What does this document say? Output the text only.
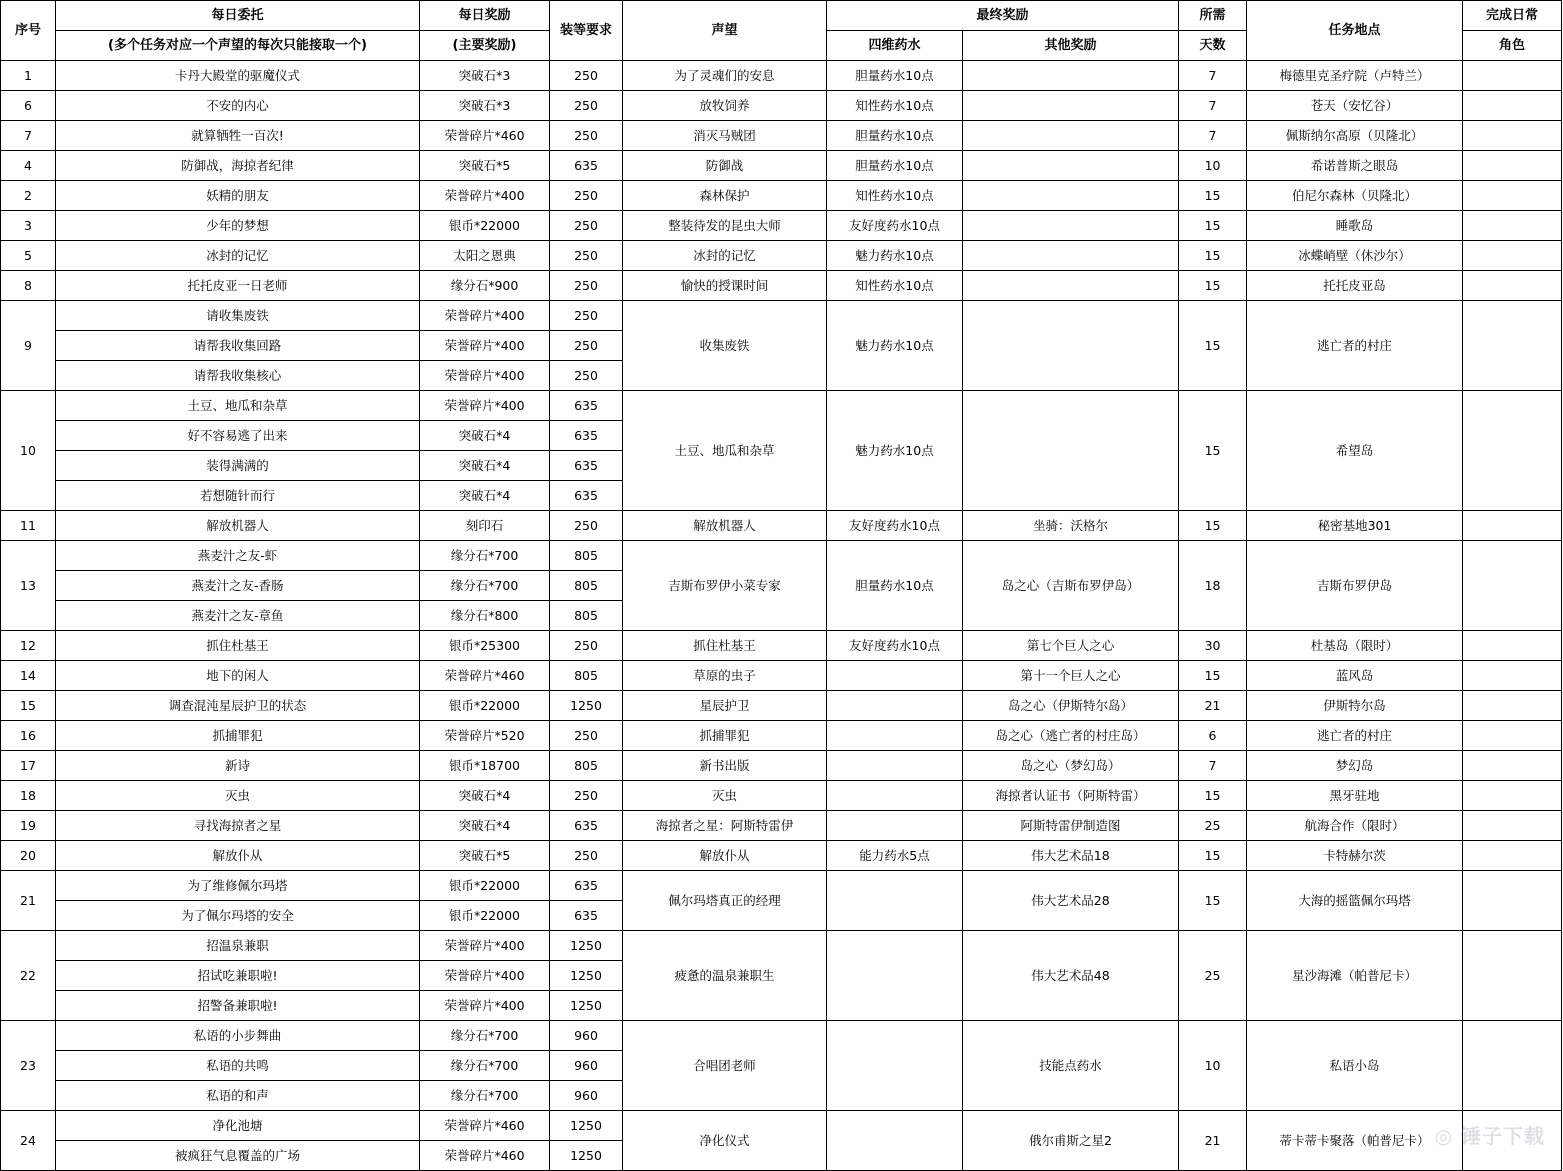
序号	每日委托	每日奖励	装等要求	声望	最终奖励		所需	任务地点	完成日常
	(多个任务对应一个声望的每次只能接取一个)	(主要奖励)			四维药水	其他奖励	天数		角色
1	卡丹大殿堂的驱魔仪式	突破石*3	250	为了灵魂们的安息	胆量药水10点		7	梅德里克圣疗院（卢特兰）	
6	不安的内心	突破石*3	250	放牧饲养	知性药水10点		7	苍天（安忆谷）	
7	就算牺牲一百次!	荣誉碎片*460	250	消灭马贼团	胆量药水10点		7	佩斯纳尔高原（贝隆北）	
4	防御战，海掠者纪律	突破石*5	635	防御战	胆量药水10点		10	希诺普斯之眼岛	
2	妖精的朋友	荣誉碎片*400	250	森林保护	知性药水10点		15	伯尼尔森林（贝隆北）	
3	少年的梦想	银币*22000	250	整装待发的昆虫大师	友好度药水10点		15	睡歌岛	
5	冰封的记忆	太阳之恩典	250	冰封的记忆	魅力药水10点		15	冰蝶峭壁（休沙尔）	
8	托托皮亚一日老师	缘分石*900	250	愉快的授课时间	知性药水10点		15	托托皮亚岛	
9	请收集废铁	荣誉碎片*400	250	收集废铁	魅力药水10点		15	逃亡者的村庄	
	请帮我收集回路	荣誉碎片*400	250						
	请帮我收集核心	荣誉碎片*400	250						
10	土豆、地瓜和杂草	荣誉碎片*400	635	土豆、地瓜和杂草	魅力药水10点		15	希望岛	
	好不容易逃了出来	突破石*4	635						
	装得满满的	突破石*4	635						
	若想随针而行	突破石*4	635						
11	解放机器人	刻印石	250	解放机器人	友好度药水10点	坐骑：沃格尔	15	秘密基地301	
13	燕麦汁之友-虾	缘分石*700	805	吉斯布罗伊小菜专家	胆量药水10点	岛之心（吉斯布罗伊岛）	18	吉斯布罗伊岛	
	燕麦汁之友-香肠	缘分石*700	805						
	燕麦汁之友-章鱼	缘分石*800	805						
12	抓住杜基王	银币*25300	250	抓住杜基王	友好度药水10点	第七个巨人之心	30	杜基岛（限时）	
14	地下的闲人	荣誉碎片*460	805	草原的虫子		第十一个巨人之心	15	蓝风岛	
15	调查混沌星辰护卫的状态	银币*22000	1250	星辰护卫		岛之心（伊斯特尔岛）	21	伊斯特尔岛	
16	抓捕罪犯	荣誉碎片*520	250	抓捕罪犯		岛之心（逃亡者的村庄岛）	6	逃亡者的村庄	
17	新诗	银币*18700	805	新书出版		岛之心（梦幻岛）	7	梦幻岛	
18	灭虫	突破石*4	250	灭虫		海掠者认证书（阿斯特雷）	15	黑牙驻地	
19	寻找海掠者之星	突破石*4	635	海掠者之星：阿斯特雷伊		阿斯特雷伊制造图	25	航海合作（限时）	
20	解放仆从	突破石*5	250	解放仆从	能力药水5点	伟大艺术品18	15	卡特赫尔茨	
21	为了维修佩尔玛塔	银币*22000	635	佩尔玛塔真正的经理		伟大艺术品28	15	大海的摇篮佩尔玛塔	
	为了佩尔玛塔的安全	银币*22000	635						
22	招温泉兼职	荣誉碎片*400	1250	疲惫的温泉兼职生		伟大艺术品48	25	星沙海滩（帕普尼卡）	
	招试吃兼职啦!	荣誉碎片*400	1250						
	招警备兼职啦!	荣誉碎片*400	1250						
23	私语的小步舞曲	缘分石*700	960	合唱团老师		技能点药水	10	私语小岛	
	私语的共鸣	缘分石*700	960						
	私语的和声	缘分石*700	960						
24	净化池塘	荣誉碎片*460	1250	净化仪式		俄尔甫斯之星2	21	蒂卡蒂卡聚落（帕普尼卡）	
	被疯狂气息覆盖的广场	荣誉碎片*460	1250						
◎ 锤子下载
